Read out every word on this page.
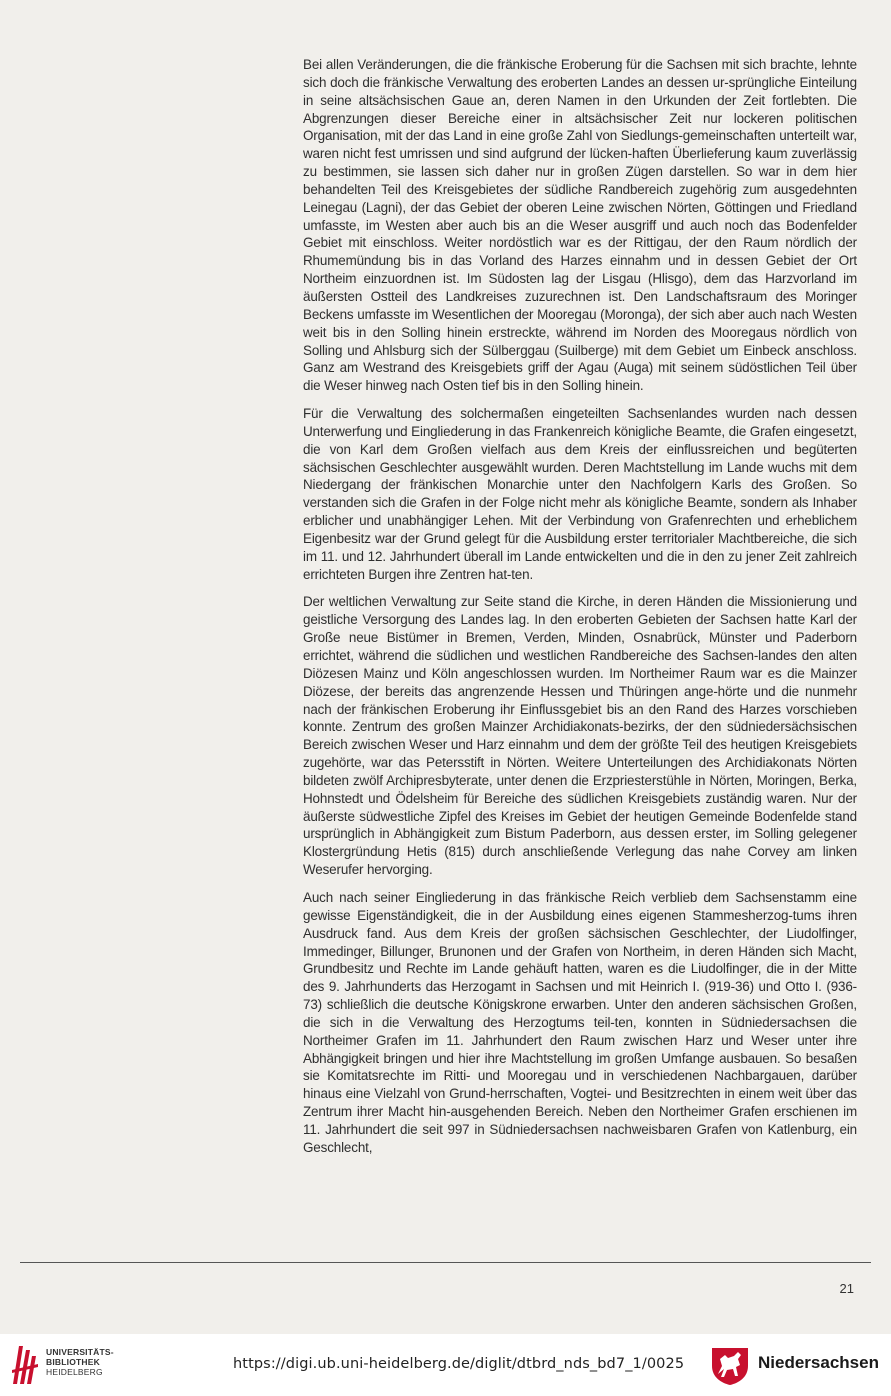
Bei allen Veränderungen, die die fränkische Eroberung für die Sachsen mit sich brachte, lehnte sich doch die fränkische Verwaltung des eroberten Landes an dessen ur-sprüngliche Einteilung in seine altsächsischen Gaue an, deren Namen in den Urkunden der Zeit fortlebten. Die Abgrenzungen dieser Bereiche einer in altsächsischer Zeit nur lockeren politischen Organisation, mit der das Land in eine große Zahl von Siedlungs-gemeinschaften unterteilt war, waren nicht fest umrissen und sind aufgrund der lücken-haften Überlieferung kaum zuverlässig zu bestimmen, sie lassen sich daher nur in großen Zügen darstellen. So war in dem hier behandelten Teil des Kreisgebietes der südliche Randbereich zugehörig zum ausgedehnten Leinegau (Lagni), der das Gebiet der oberen Leine zwischen Nörten, Göttingen und Friedland umfasste, im Westen aber auch bis an die Weser ausgriff und auch noch das Bodenfelder Gebiet mit einschloss. Weiter nordöstlich war es der Rittigau, der den Raum nördlich der Rhumemündung bis in das Vorland des Harzes einnahm und in dessen Gebiet der Ort Northeim einzuordnen ist. Im Südosten lag der Lisgau (Hlisgo), dem das Harzvorland im äußersten Ostteil des Landkreises zuzurechnen ist. Den Landschaftsraum des Moringer Beckens umfasste im Wesentlichen der Mooregau (Moronga), der sich aber auch nach Westen weit bis in den Solling hinein erstreckte, während im Norden des Mooregaus nördlich von Solling und Ahlsburg sich der Sülberggau (Suilberge) mit dem Gebiet um Einbeck anschloss. Ganz am Westrand des Kreisgebiets griff der Agau (Auga) mit seinem südöstlichen Teil über die Weser hinweg nach Osten tief bis in den Solling hinein.

Für die Verwaltung des solchermaßen eingeteilten Sachsenlandes wurden nach dessen Unterwerfung und Eingliederung in das Frankenreich königliche Beamte, die Grafen eingesetzt, die von Karl dem Großen vielfach aus dem Kreis der einflussreichen und begüterten sächsischen Geschlechter ausgewählt wurden. Deren Machtstellung im Lande wuchs mit dem Niedergang der fränkischen Monarchie unter den Nachfolgern Karls des Großen. So verstanden sich die Grafen in der Folge nicht mehr als königliche Beamte, sondern als Inhaber erblicher und unabhängiger Lehen. Mit der Verbindung von Grafenrechten und erheblichem Eigenbesitz war der Grund gelegt für die Ausbildung erster territorialer Machtbereiche, die sich im 11. und 12. Jahrhundert überall im Lande entwickelten und die in den zu jener Zeit zahlreich errichteten Burgen ihre Zentren hat-ten.

Der weltlichen Verwaltung zur Seite stand die Kirche, in deren Händen die Missionierung und geistliche Versorgung des Landes lag. In den eroberten Gebieten der Sachsen hatte Karl der Große neue Bistümer in Bremen, Verden, Minden, Osnabrück, Münster und Paderborn errichtet, während die südlichen und westlichen Randbereiche des Sachsen-landes den alten Diözesen Mainz und Köln angeschlossen wurden. Im Northeimer Raum war es die Mainzer Diözese, der bereits das angrenzende Hessen und Thüringen ange-hörte und die nunmehr nach der fränkischen Eroberung ihr Einflussgebiet bis an den Rand des Harzes vorschieben konnte. Zentrum des großen Mainzer Archidiakonats-bezirks, der den südniedersächsischen Bereich zwischen Weser und Harz einnahm und dem der größte Teil des heutigen Kreisgebiets zugehörte, war das Petersstift in Nörten. Weitere Unterteilungen des Archidiakonats Nörten bildeten zwölf Archipresbyterate, unter denen die Erzpriesterstühle in Nörten, Moringen, Berka, Hohnstedt und Ödelsheim für Bereiche des südlichen Kreisgebiets zuständig waren. Nur der äußerste südwestliche Zipfel des Kreises im Gebiet der heutigen Gemeinde Bodenfelde stand ursprünglich in Abhängigkeit zum Bistum Paderborn, aus dessen erster, im Solling gelegener Klostergründung Hetis (815) durch anschließende Verlegung das nahe Corvey am linken Weserufer hervorging.

Auch nach seiner Eingliederung in das fränkische Reich verblieb dem Sachsenstamm eine gewisse Eigenständigkeit, die in der Ausbildung eines eigenen Stammesherzog-tums ihren Ausdruck fand. Aus dem Kreis der großen sächsischen Geschlechter, der Liudolfinger, Immedinger, Billunger, Brunonen und der Grafen von Northeim, in deren Händen sich Macht, Grundbesitz und Rechte im Lande gehäuft hatten, waren es die Liudolfinger, die in der Mitte des 9. Jahrhunderts das Herzogamt in Sachsen und mit Heinrich I. (919-36) und Otto I. (936-73) schließlich die deutsche Königskrone erwarben. Unter den anderen sächsischen Großen, die sich in die Verwaltung des Herzogtums teil-ten, konnten in Südniedersachsen die Northeimer Grafen im 11. Jahrhundert den Raum zwischen Harz und Weser unter ihre Abhängigkeit bringen und hier ihre Machtstellung im großen Umfange ausbauen. So besaßen sie Komitatsrechte im Ritti- und Mooregau und in verschiedenen Nachbargauen, darüber hinaus eine Vielzahl von Grund-herrschaften, Vogtei- und Besitzrechten in einem weit über das Zentrum ihrer Macht hin-ausgehenden Bereich. Neben den Northeimer Grafen erschienen im 11. Jahrhundert die seit 997 in Südniedersachsen nachweisbaren Grafen von Katlenburg, ein Geschlecht,

21
UNIVERSITÄTS-
BIBLIOTHEK
HEIDELBERG	https://digi.ub.uni-heidelberg.de/diglit/dtbrd_nds_bd7_1/0025	Niedersachsen
